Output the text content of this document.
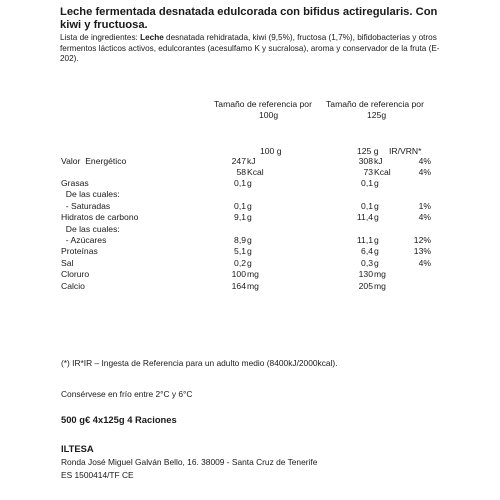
Leche fermentada desnatada edulcorada con bifidus actiregularis. Con kiwi y fructuosa.
Lista de ingredientes: Leche desnatada rehidratada, kiwi (9,5%), fructosa (1,7%), bifidobacterias y otros fermentos lácticos activos, edulcorantes (acesulfamo K y sucralosa), aroma y conservador de la fruta (E-202).
Tamaño de referencia por
100g
Tamaño de referencia por
125g
100 g	125 g IR/VRN*
Valor  Energético	247 kJ	308 kJ	4%
58 Kcal	73 Kcal	4%
Grasas	0,1 g	0,1 g
De las cuales:
- Saturadas	0,1 g	0,1 g	1%
Hidratos de carbono	9,1 g	11,4 g	4%
De las cuales:
- Azúcares	8,9 g	11,1 g	12%
Proteínas	5,1 g	6,4 g	13%
Sal	0,2 g	0,3 g	4%
Cloruro	100 mg	130 mg
Calcio	164 mg	205 mg
(*) IR*IR – Ingesta de Referencia para un adulto medio (8400kJ/2000kcal).
Consérvese en frío entre 2°C y 6°C
500 g€ 4x125g 4 Raciones
ILTESA
Ronda José Miguel Galván Bello, 16. 38009 - Santa Cruz de Tenerife
ES 1500414/TF CE
